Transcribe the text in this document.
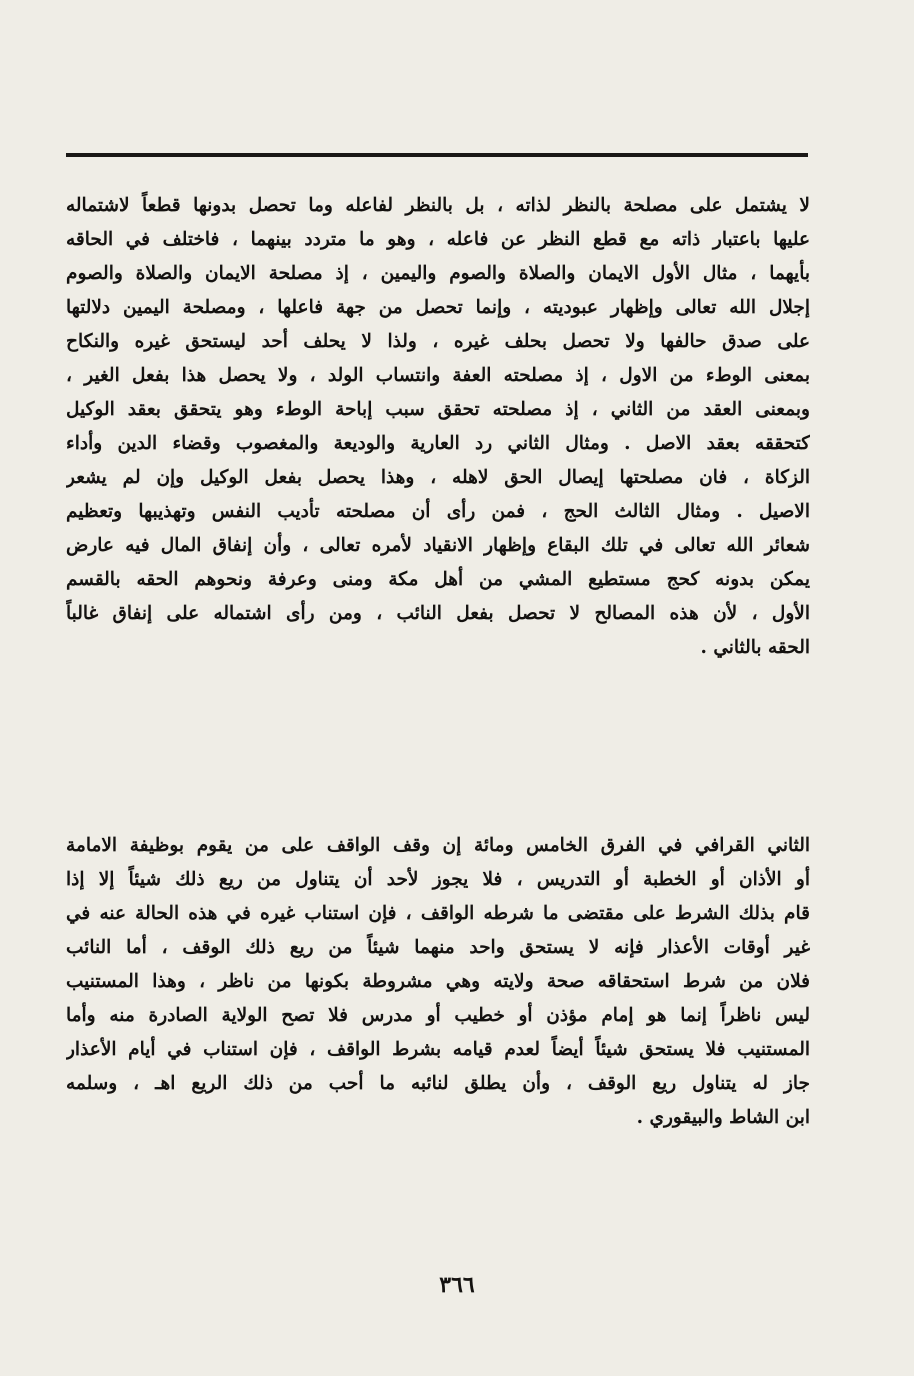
لا يشتمل على مصلحة بالنظر لذاته ، بل بالنظر لفاعله وما تحصل بدونها قطعاً لاشتماله
عليها باعتبار ذاته مع قطع النظر عن فاعله ، وهو ما متردد بينهما ، فاختلف في الحاقه
بأيهما ، مثال الأول الايمان والصلاة والصوم واليمين ، إذ مصلحة الايمان والصلاة والصوم
إجلال الله تعالى وإظهار عبوديته ، وإنما تحصل من جهة فاعلها ، ومصلحة اليمين دلالتها
على صدق حالفها ولا تحصل بحلف غيره ، ولذا لا يحلف أحد ليستحق غيره والنكاح
بمعنى الوطء من الاول ، إذ مصلحته العفة وانتساب الولد ، ولا يحصل هذا بفعل الغير ،
وبمعنى العقد من الثاني ، إذ مصلحته تحقق سبب إباحة الوطء وهو يتحقق بعقد الوكيل
كتحققه بعقد الاصل . ومثال الثاني رد العارية والوديعة والمغصوب وقضاء الدين وأداء
الزكاة ، فان مصلحتها إيصال الحق لاهله ، وهذا يحصل بفعل الوكيل وإن لم يشعر
الاصيل . ومثال الثالث الحج ، فمن رأى أن مصلحته تأديب النفس وتهذيبها وتعظيم
شعائر الله تعالى في تلك البقاع وإظهار الانقياد لأمره تعالى ، وأن إنفاق المال فيه عارض
يمكن بدونه كحج مستطيع المشي من أهل مكة ومنى وعرفة ونحوهم الحقه بالقسم
الأول ، لأن هذه المصالح لا تحصل بفعل النائب ، ومن رأى اشتماله على إنفاق غالباً
الحقه بالثاني .
الثاني القرافي في الفرق الخامس ومائة إن وقف الواقف على من يقوم بوظيفة الامامة
أو الأذان أو الخطبة أو التدريس ، فلا يجوز لأحد أن يتناول من ريع ذلك شيئاً إلا إذا
قام بذلك الشرط على مقتضى ما شرطه الواقف ، فإن استناب غيره في هذه الحالة عنه في
غير أوقات الأعذار فإنه لا يستحق واحد منهما شيئاً من ريع ذلك الوقف ، أما النائب
فلان من شرط استحقاقه صحة ولايته وهي مشروطة بكونها من ناظر ، وهذا المستنيب
ليس ناظراً إنما هو إمام مؤذن أو خطيب أو مدرس فلا تصح الولاية الصادرة منه وأما
المستنيب فلا يستحق شيئاً أيضاً لعدم قيامه بشرط الواقف ، فإن استناب في أيام الأعذار
جاز له يتناول ريع الوقف ، وأن يطلق لنائبه ما أحب من ذلك الريع اهـ ، وسلمه
ابن الشاط والبيقوري .
٣٦٦
